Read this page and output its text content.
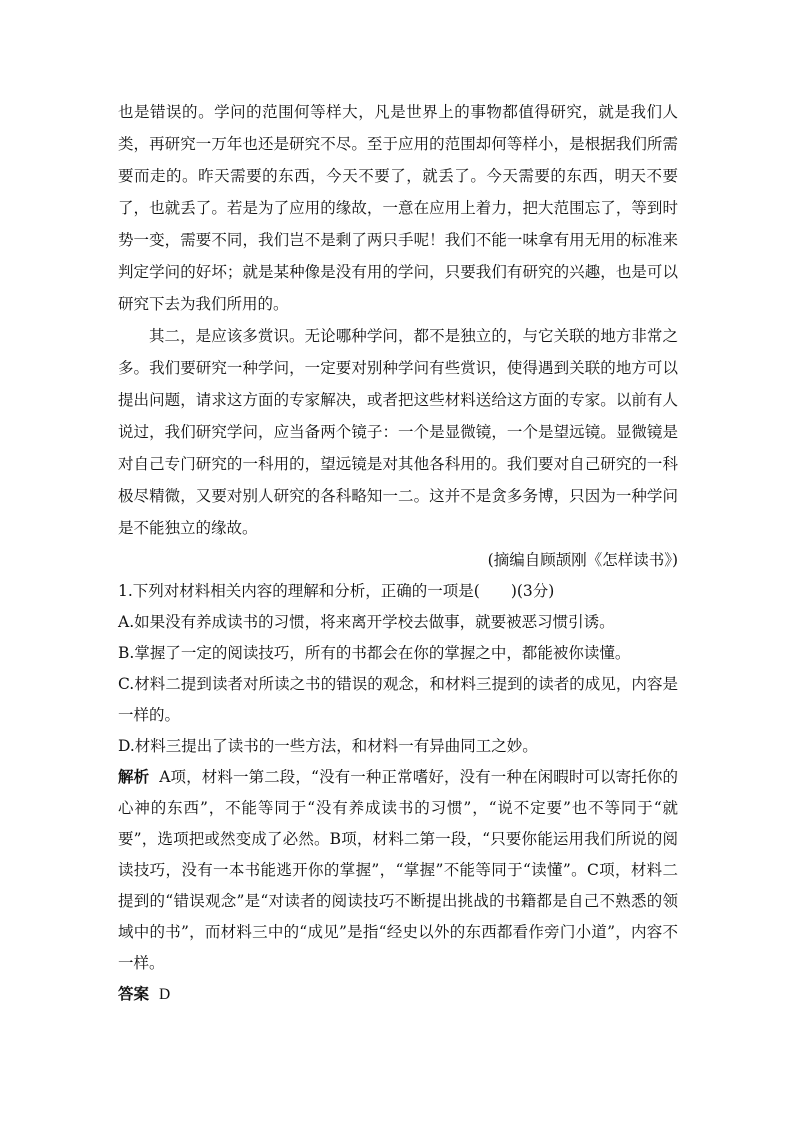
也是错误的。学问的范围何等样大，凡是世界上的事物都值得研究，就是我们人类，再研究一万年也还是研究不尽。至于应用的范围却何等样小，是根据我们所需要而走的。昨天需要的东西，今天不要了，就丢了。今天需要的东西，明天不要了，也就丢了。若是为了应用的缘故，一意在应用上着力，把大范围忘了，等到时势一变，需要不同，我们岂不是剩了两只手呢！我们不能一味拿有用无用的标准来判定学问的好坏；就是某种像是没有用的学问，只要我们有研究的兴趣，也是可以研究下去为我们所用的。

其二，是应该多赏识。无论哪种学问，都不是独立的，与它关联的地方非常之多。我们要研究一种学问，一定要对别种学问有些赏识，使得遇到关联的地方可以提出问题，请求这方面的专家解决，或者把这些材料送给这方面的专家。以前有人说过，我们研究学问，应当备两个镜子：一个是显微镜，一个是望远镜。显微镜是对自己专门研究的一科用的，望远镜是对其他各科用的。我们要对自己研究的一科极尽精微，又要对别人研究的各科略知一二。这并不是贪多务博，只因为一种学问是不能独立的缘故。

(摘编自顾颉刚《怎样读书》)

1.下列对材料相关内容的理解和分析，正确的一项是(　　)(3分)

A.如果没有养成读书的习惯，将来离开学校去做事，就要被恶习惯引诱。

B.掌握了一定的阅读技巧，所有的书都会在你的掌握之中，都能被你读懂。

C.材料二提到读者对所读之书的错误的观念，和材料三提到的读者的成见，内容是一样的。

D.材料三提出了读书的一些方法，和材料一有异曲同工之妙。

解析 A项，材料一第二段，“没有一种正常嗜好，没有一种在闲暇时可以寄托你的心神的东西”，不能等同于“没有养成读书的习惯”，“说不定要”也不等同于“就要”，选项把或然变成了必然。B项，材料二第一段，“只要你能运用我们所说的阅读技巧，没有一本书能逃开你的掌握”，“掌握”不能等同于“读懂”。C项，材料二提到的“错误观念”是“对读者的阅读技巧不断提出挑战的书籍都是自己不熟悉的领域中的书”，而材料三中的“成见”是指“经史以外的东西都看作旁门小道”，内容不一样。

答案 D
